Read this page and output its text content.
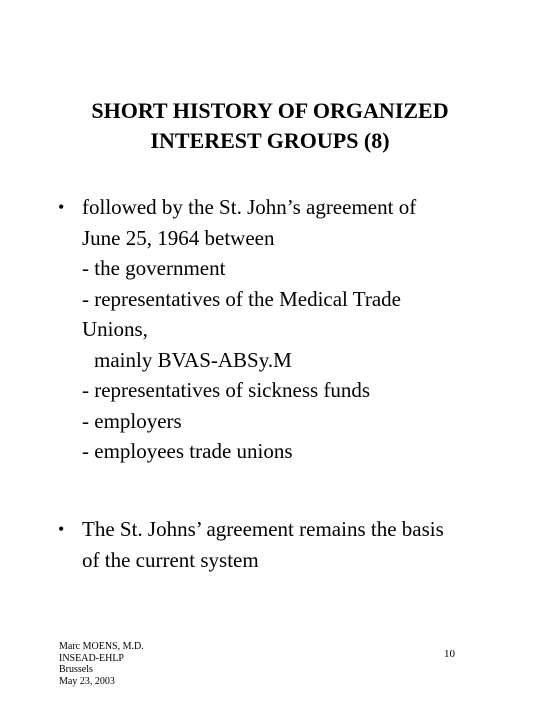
SHORT HISTORY OF ORGANIZED
INTEREST GROUPS (8)
• followed by the St. John’s agreement of
June 25, 1964 between
- the government
- representatives of the Medical Trade
Unions,
mainly BVAS-ABSy.M
- representatives of sickness funds
- employers
- employees trade unions
• The St. Johns’ agreement remains the basis
of the current system
Marc MOENS, M.D.
INSEAD-EHLP
Brussels
May 23, 2003
10
